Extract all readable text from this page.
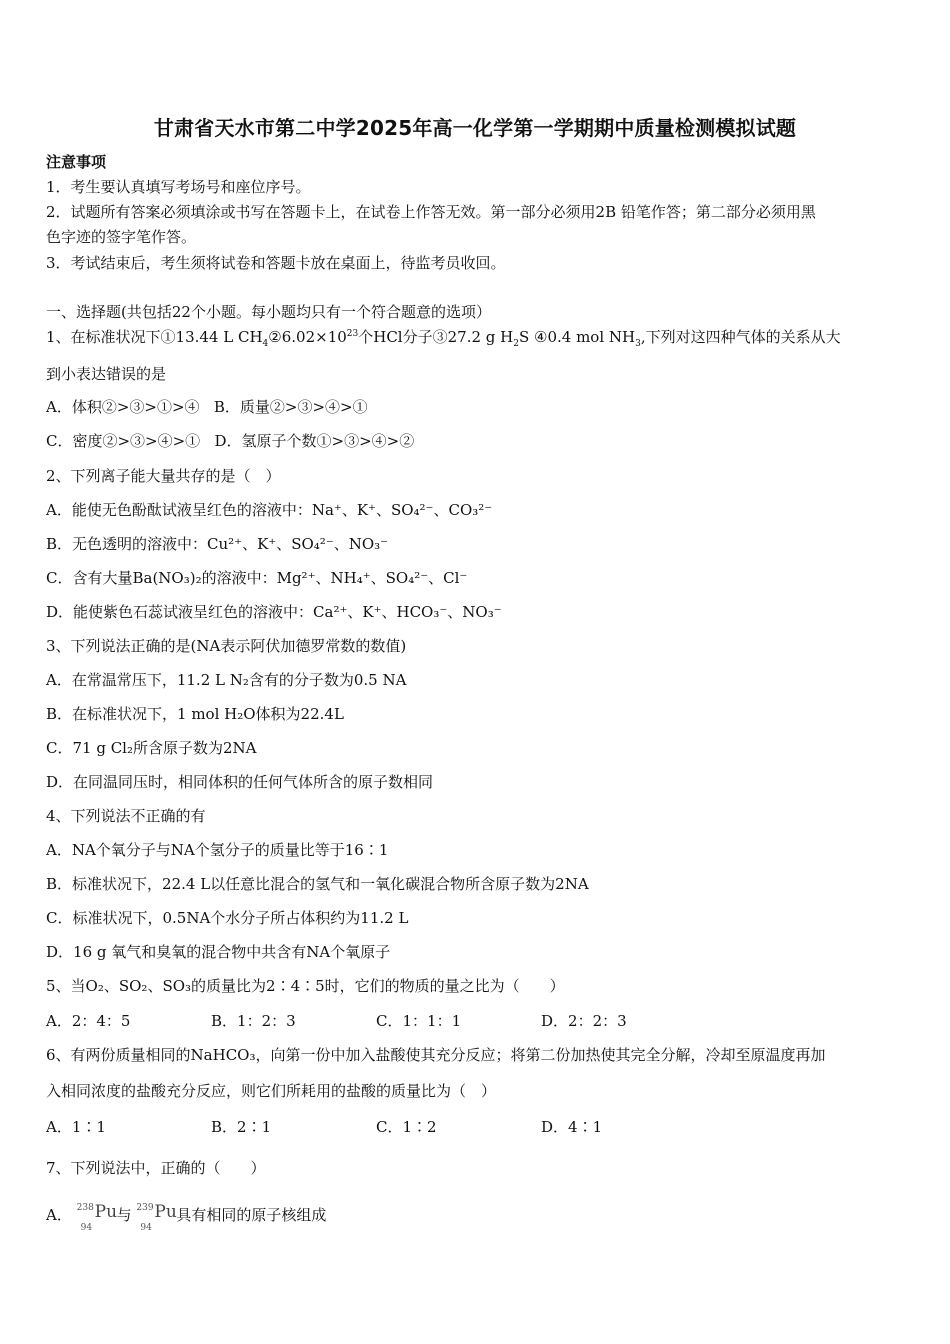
甘肃省天水市第二中学2025年高一化学第一学期期中质量检测模拟试题
注意事项
1．考生要认真填写考场号和座位序号。
2．试题所有答案必须填涂或书写在答题卡上，在试卷上作答无效。第一部分必须用2B 铅笔作答；第二部分必须用黑
色字迹的签字笔作答。
3．考试结束后，考生须将试卷和答题卡放在桌面上，待监考员收回。
一、选择题(共包括22个小题。每小题均只有一个符合题意的选项）
1、在标准状况下①13.44 L $CH_4②6.02\times 10^{23}$个HCl分子③27.2 g $H_2S$ ④0.4 mol $NH_3$,下列对这四种气体的关系从大
到小表达错误的是
A．体积②>③>①>④ B．质量②>③>④>①
C．密度②>③>④>① D．氢原子个数①>③>④>②
2、下列离子能大量共存的是（　）
A．能使无色酚酞试液呈红色的溶液中：Na⁺、K⁺、SO₄²⁻、CO₃²⁻
B．无色透明的溶液中：Cu²⁺、K⁺、SO₄²⁻、NO₃⁻
C．含有大量Ba(NO₃)₂的溶液中：Mg²⁺、NH₄⁺、SO₄²⁻、Cl⁻
D．能使紫色石蕊试液呈红色的溶液中：Ca²⁺、K⁺、HCO₃⁻、NO₃⁻
3、下列说法正确的是(NA表示阿伏加德罗常数的数值)
A．在常温常压下，11.2 L N₂含有的分子数为0.5 NA
B．在标准状况下，1 mol H₂O体积为22.4L
C．71 g Cl₂所含原子数为2NA
D．在同温同压时，相同体积的任何气体所含的原子数相同
4、下列说法不正确的有
A．NA个氧分子与NA个氢分子的质量比等于16∶1
B．标准状况下，22.4 L以任意比混合的氢气和一氧化碳混合物所含原子数为2NA
C．标准状况下，0.5NA个水分子所占体积约为11.2 L
D．16 g 氧气和臭氧的混合物中共含有NA个氧原子
5、当O₂、SO₂、SO₃的质量比为2∶4∶5时，它们的物质的量之比为（　　）
A．2：4：5	B．1：2：3	C．1：1：1	D．2：2：3
6、有两份质量相同的NaHCO₃，向第一份中加入盐酸使其充分反应；将第二份加热使其完全分解，冷却至原温度再加
入相同浓度的盐酸充分反应，则它们所耗用的盐酸的质量比为（　）
A．1∶1	B．2∶1	C．1∶2	D．4∶1
7、下列说法中，正确的（　　）
A． 238
94
Pu 与 239
94
Pu 具有相同的原子核组成
